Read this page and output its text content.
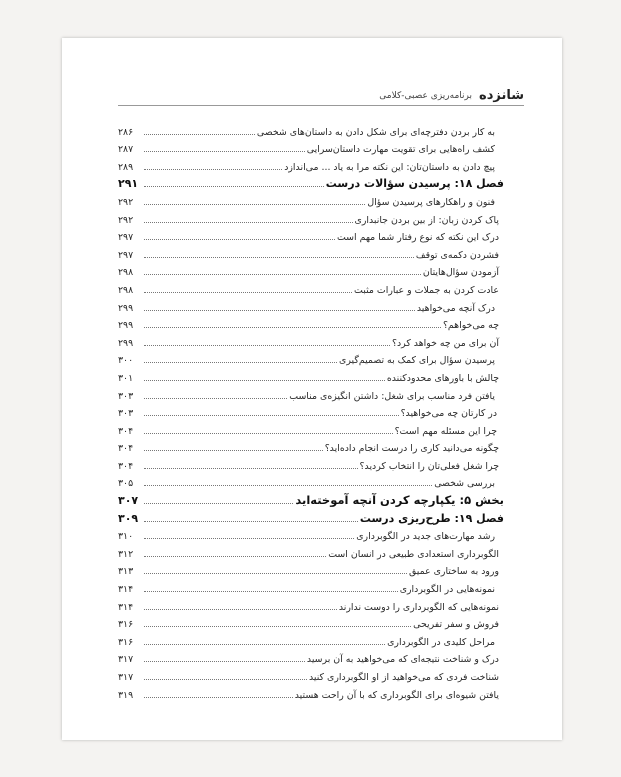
شانزده
برنامه‌ریزی عصبی-کلامی
به کار بردن دفترچه‌ای برای شکل دادن به داستان‌های شخصی
۲۸۶
کشف راه‌هایی برای تقویت مهارت داستان‌سرایی
۲۸۷
پیچ دادن به داستان‌تان: این نکته مرا به یاد ... می‌اندازد
۲۸۹
فصل ۱۸: پرسیدن سؤالات درست
۲۹۱
فنون و راهکارهای پرسیدن سؤال
۲۹۲
پاک کردن زبان: از بین بردن جانبداری
۲۹۲
درک این نکته که نوع رفتار شما مهم است
۲۹۷
فشردن دکمه‌ی توقف
۲۹۷
آزمودن سؤال‌هایتان
۲۹۸
عادت کردن به جملات و عبارات مثبت
۲۹۸
درک آنچه می‌خواهید
۲۹۹
چه می‌خواهم؟
۲۹۹
آن برای من چه خواهد کرد؟
۲۹۹
پرسیدن سؤال برای کمک به تصمیم‌گیری
۳۰۰
چالش با باورهای محدودکننده
۳۰۱
یافتن فرد مناسب برای شغل: داشتن انگیزه‌ی مناسب
۳۰۳
در کارتان چه می‌خواهید؟
۳۰۳
چرا این مسئله مهم است؟
۳۰۴
چگونه می‌دانید کاری را درست انجام داده‌اید؟
۳۰۴
چرا شغل فعلی‌تان را انتخاب کردید؟
۳۰۴
بررسی شخصی
۳۰۵
بخش ۵: یکپارچه کردن آنچه آموخته‌اید
۳۰۷
فصل ۱۹: طرح‌ریزی درست
۳۰۹
رشد مهارت‌های جدید در الگوبرداری
۳۱۰
الگوبرداری استعدادی طبیعی در انسان است
۳۱۲
ورود به ساختاری عمیق
۳۱۳
نمونه‌هایی در الگوبرداری
۳۱۴
نمونه‌هایی که الگوبرداری را دوست ندارند
۳۱۴
فروش و سفر تفریحی
۳۱۶
مراحل کلیدی در الگوبرداری
۳۱۶
درک و شناخت نتیجه‌ای که می‌خواهید به آن برسید
۳۱۷
شناخت فردی که می‌خواهید از او الگوبرداری کنید
۳۱۷
یافتن شیوه‌ای برای الگوبرداری که با آن راحت هستید
۳۱۹
